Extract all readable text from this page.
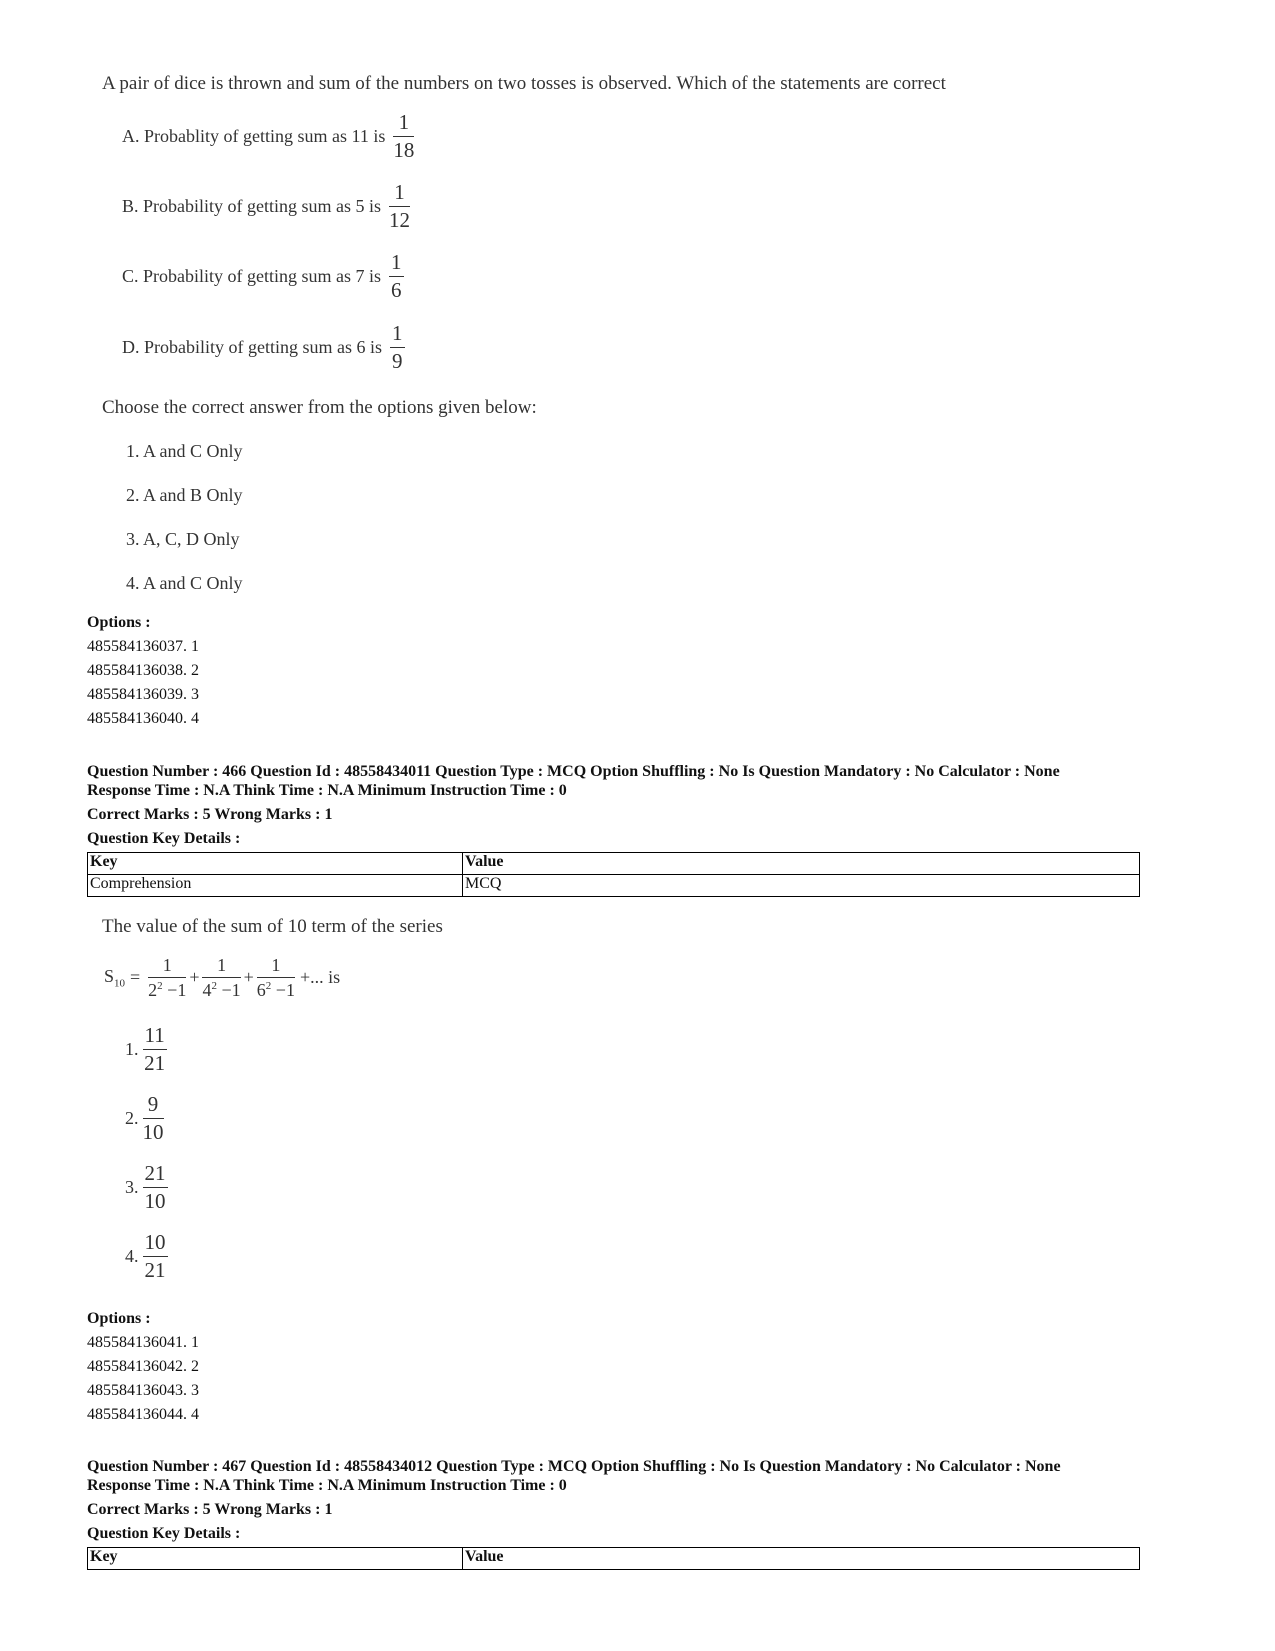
A pair of dice is thrown and sum of the numbers on two tosses is observed. Which of the statements are correct
A. Probablity of getting sum as 11 is $\frac{1}{18}$
B. Probability of getting sum as 5 is $\frac{1}{12}$
C. Probability of getting sum as 7 is $\frac{1}{6}$
D. Probability of getting sum as 6 is $\frac{1}{9}$
Choose the correct answer from the options given below:
1. A and C Only
2. A and B Only
3. A, C, D Only
4. A and C Only
Options :
485584136037. 1
485584136038. 2
485584136039. 3
485584136040. 4
Question Number : 466 Question Id : 48558434011 Question Type : MCQ Option Shuffling : No Is Question Mandatory : No Calculator : None
Response Time : N.A Think Time : N.A Minimum Instruction Time : 0
Correct Marks : 5 Wrong Marks : 1
Question Key Details :
Key	Value
Comprehension	MCQ
The value of the sum of 10 term of the series
$S_{10} = \frac{1}{2^2 -1} + \frac{1}{4^2 -1} + \frac{1}{6^2 -1}$ +... is
1. $\frac{11}{21}$
2. $\frac{9}{10}$
3. $\frac{21}{10}$
4. $\frac{10}{21}$
Options :
485584136041. 1
485584136042. 2
485584136043. 3
485584136044. 4
Question Number : 467 Question Id : 48558434012 Question Type : MCQ Option Shuffling : No Is Question Mandatory : No Calculator : None
Response Time : N.A Think Time : N.A Minimum Instruction Time : 0
Correct Marks : 5 Wrong Marks : 1
Question Key Details :
Key	Value
